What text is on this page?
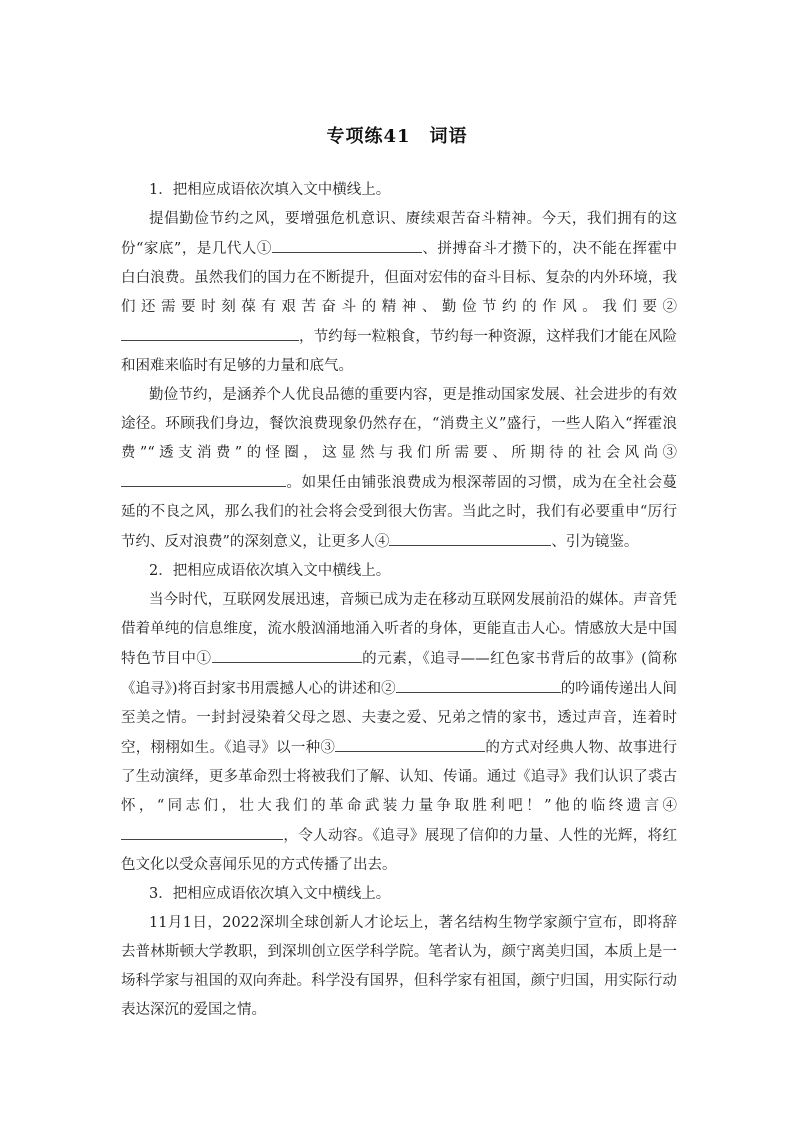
专项练41　词语

1．把相应成语依次填入文中横线上。

提倡勤俭节约之风，要增强危机意识、赓续艰苦奋斗精神。今天，我们拥有的这份“家底”，是几代人①	、拼搏奋斗才攒下的，决不能在挥霍中白白浪费。虽然我们的国力在不断提升，但面对宏伟的奋斗目标、复杂的内外环境，我们还需要时刻葆有艰苦奋斗的精神、勤俭节约的作风。我们要②，节约每一粒粮食，节约每一种资源，这样我们才能在风险和困难来临时有足够的力量和底气。

勤俭节约，是涵养个人优良品德的重要内容，更是推动国家发展、社会进步的有效途径。环顾我们身边，餐饮浪费现象仍然存在，“消费主义”盛行，一些人陷入“挥霍浪费”“透支消费”的怪圈，这显然与我们所需要、所期待的社会风尚③。如果任由铺张浪费成为根深蒂固的习惯，成为在全社会蔓延的不良之风，那么我们的社会将会受到很大伤害。当此之时，我们有必要重申“厉行节约、反对浪费”的深刻意义，让更多人④	、引为镜鉴。

2．把相应成语依次填入文中横线上。

当今时代，互联网发展迅速，音频已成为走在移动互联网发展前沿的媒体。声音凭借着单纯的信息维度，流水般汹涌地涌入听者的身体，更能直击人心。情感放大是中国特色节目中①	的元素，《追寻——红色家书背后的故事》(简称《追寻》)将百封家书用震撼人心的讲述和②	的吟诵传递出人间至美之情。一封封浸染着父母之恩、夫妻之爱、兄弟之情的家书，透过声音，连着时空，栩栩如生。《追寻》以一种③	的方式对经典人物、故事进行了生动演绎，更多革命烈士将被我们了解、认知、传诵。通过《追寻》我们认识了裘古怀，“同志们，壮大我们的革命武装力量争取胜利吧！”他的临终遗言④，令人动容。《追寻》展现了信仰的力量、人性的光辉，将红色文化以受众喜闻乐见的方式传播了出去。

3．把相应成语依次填入文中横线上。

11月1日，2022深圳全球创新人才论坛上，著名结构生物学家颜宁宣布，即将辞去普林斯顿大学教职，到深圳创立医学科学院。笔者认为，颜宁离美归国，本质上是一场科学家与祖国的双向奔赴。科学没有国界，但科学家有祖国，颜宁归国，用实际行动表达深沉的爱国之情。
